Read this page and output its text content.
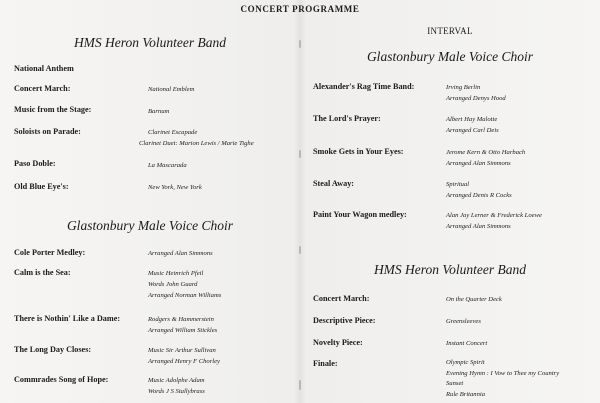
CONCERT PROGRAMME
INTERVAL
HMS Heron Volunteer Band
National Anthem
Concert March:	National Emblem
Music from the Stage:	Barnum
Soloists on Parade:	Clarinet Escapade
Clarinet Duet: Marion Lewis / Marie Tighe
Paso Doble:	La Mascarada
Old Blue Eye's:	New York, New York
Glastonbury Male Voice Choir
Cole Porter Medley:	Arranged Alan Simmons
Calm is the Sea:	Music Heinrich Pfeil
Words John Guard
Arranged Norman Williams
There is Nothin' Like a Dame:	Rodgers & Hammerstein
Arranged William Stickles
The Long Day Closes:	Music Sir Arthur Sullivan
Arranged Henry F Chorley
Commrades Song of Hope:	Music Adolphe Adam
Words J S Stallybrass
Glastonbury Male Voice Choir
Alexander's Rag Time Band:	Irving Berlin
Arranged Denys Hood
The Lord's Prayer:	Albert Hay Malotte
Arranged Carl Deis
Smoke Gets in Your Eyes:	Jerome Kern & Otto Harbach
Arranged Alan Simmons
Steal Away:	Spiritual
Arranged Denis R Cocks
Paint Your Wagon medley:	Alan Jay Lerner & Frederick Loewe
Arranged Alan Simmons
HMS Heron Volunteer Band
Concert March:	On the Quarter Deck
Descriptive Piece:	Greensleeves
Novelty Piece:	Instant Concert
Finale:	Olympic Spirit
Evening Hymn : I Vow to Thee my Country
Sunset
Rule Britannia
